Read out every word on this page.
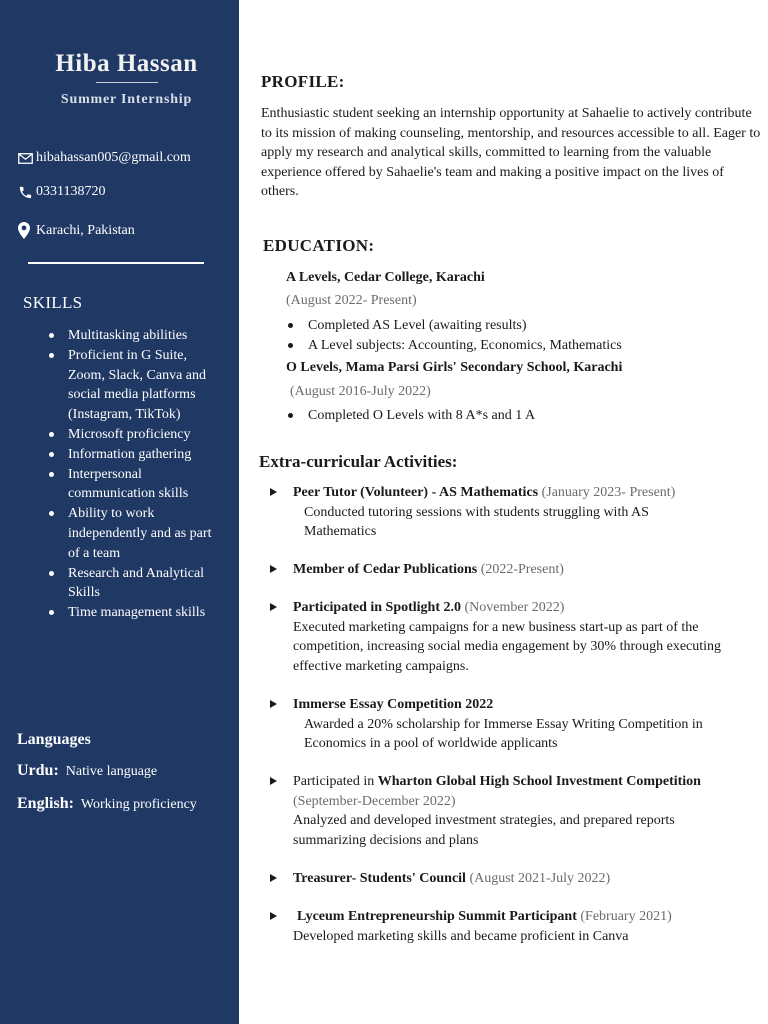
Hiba Hassan
Summer Internship
hibahassan005@gmail.com
0331138720
Karachi, Pakistan
SKILLS
Multitasking abilities
Proficient in G Suite, Zoom, Slack, Canva and social media platforms (Instagram, TikTok)
Microsoft proficiency
Information gathering
Interpersonal communication skills
Ability to work independently and as part of a team
Research and Analytical Skills
Time management skills
Languages
Urdu: Native language
English: Working proficiency
PROFILE:
Enthusiastic student seeking an internship opportunity at Sahaelie to actively contribute to its mission of making counseling, mentorship, and resources accessible to all. Eager to apply my research and analytical skills, committed to learning from the valuable experience offered by Sahaelie's team and making a positive impact on the lives of others.
EDUCATION:
A Levels, Cedar College, Karachi
(August 2022- Present)
Completed AS Level (awaiting results)
A Level subjects: Accounting, Economics, Mathematics
O Levels, Mama Parsi Girls' Secondary School, Karachi
(August 2016-July 2022)
Completed O Levels with 8 A*s and 1 A
Extra-curricular Activities:
Peer Tutor (Volunteer) - AS Mathematics (January 2023- Present)
Conducted tutoring sessions with students struggling with AS Mathematics
Member of Cedar Publications (2022-Present)
Participated in Spotlight 2.0 (November 2022)
Executed marketing campaigns for a new business start-up as part of the competition, increasing social media engagement by 30% through executing effective marketing campaigns.
Immerse Essay Competition 2022
Awarded a 20% scholarship for Immerse Essay Writing Competition in Economics in a pool of worldwide applicants
Participated in Wharton Global High School Investment Competition
(September-December 2022)
Analyzed and developed investment strategies, and prepared reports summarizing decisions and plans
Treasurer- Students' Council (August 2021-July 2022)
Lyceum Entrepreneurship Summit Participant (February 2021)
Developed marketing skills and became proficient in Canva
